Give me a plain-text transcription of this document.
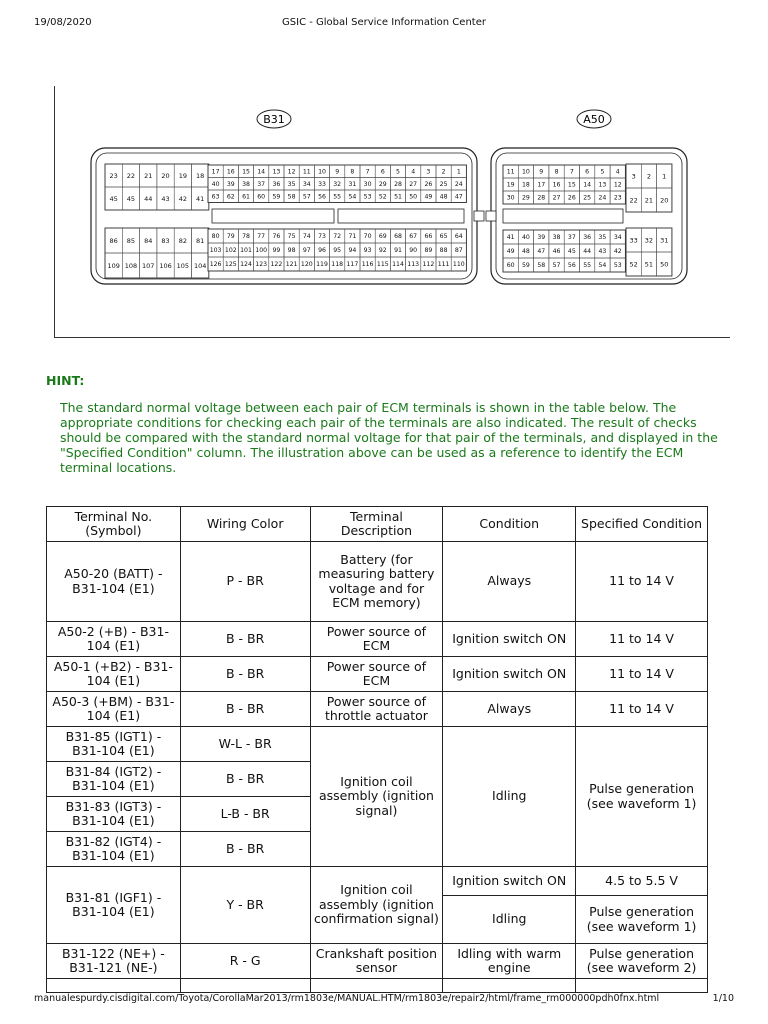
19/08/2020	GSIC - Global Service Information Center
B31	A50
23 22 21 20 19 18
45 45 44 43 42 41
17 16 15 14 13 12 11 10 9 8 7 6 5 4 3 2 1
40 39 38 37 36 35 34 33 32 31 30 29 28 27 26 25 24
63 62 61 60 59 58 57 56 55 54 53 52 51 50 49 48 47
86 85 84 83 82 81
109 108 107 106 105 104
80 79 78 77 76 75 74 73 72 71 70 69 68 67 66 65 64
103 102 101 100 99 98 97 96 95 94 93 92 91 90 89 88 87
126 125 124 123 122 121 120 119 118 117 116 115 114 113 112 111 110
11 10 9 8 7 6 5 4
19 18 17 16 15 14 13 12
30 29 28 27 26 25 24 23
3 2 1
22 21 20
41 40 39 38 37 36 35 34
49 48 47 46 45 44 43 42
60 59 58 57 56 55 54 53
33 32 31
52 51 50
HINT:
The standard normal voltage between each pair of ECM terminals is shown in the table below. The appropriate conditions for checking each pair of the terminals are also indicated. The result of checks should be compared with the standard normal voltage for that pair of the terminals, and displayed in the "Specified Condition" column. The illustration above can be used as a reference to identify the ECM terminal locations.
Terminal No. (Symbol)	Wiring Color	Terminal Description	Condition	Specified Condition
A50-20 (BATT) - B31-104 (E1)	P - BR	Battery (for measuring battery voltage and for ECM memory)	Always	11 to 14 V
A50-2 (+B) - B31-104 (E1)	B - BR	Power source of ECM	Ignition switch ON	11 to 14 V
A50-1 (+B2) - B31-104 (E1)	B - BR	Power source of ECM	Ignition switch ON	11 to 14 V
A50-3 (+BM) - B31-104 (E1)	B - BR	Power source of throttle actuator	Always	11 to 14 V
B31-85 (IGT1) - B31-104 (E1)	W-L - BR	Ignition coil assembly (ignition signal)	Idling	Pulse generation (see waveform 1)
B31-84 (IGT2) - B31-104 (E1)	B - BR			
B31-83 (IGT3) - B31-104 (E1)	L-B - BR			
B31-82 (IGT4) - B31-104 (E1)	B - BR			
B31-81 (IGF1) - B31-104 (E1)	Y - BR	Ignition coil assembly (ignition confirmation signal)	Ignition switch ON	4.5 to 5.5 V
			Idling	Pulse generation (see waveform 1)
B31-122 (NE+) - B31-121 (NE-)	R - G	Crankshaft position sensor	Idling with warm engine	Pulse generation (see waveform 2)

manualespurdy.cisdigital.com/Toyota/CorollaMar2013/rm1803e/MANUAL.HTM/rm1803e/repair2/html/frame_rm000000pdh0fnx.html	1/10
